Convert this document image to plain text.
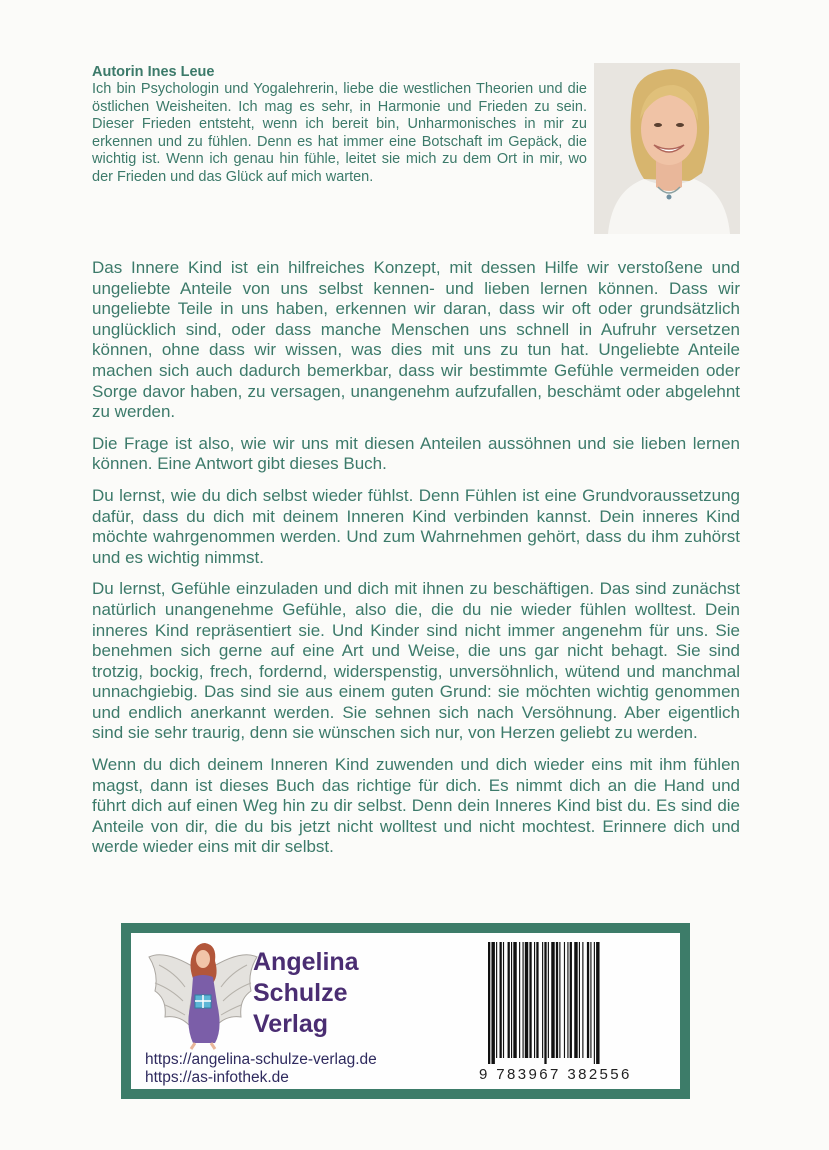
Autorin Ines Leue

Ich bin Psychologin und Yogalehrerin, liebe die westlichen Theorien und die östlichen Weisheiten. Ich mag es sehr, in Harmonie und Frieden zu sein. Dieser Frieden entsteht, wenn ich bereit bin, Unharmonisches in mir zu erkennen und zu fühlen. Denn es hat immer eine Botschaft im Gepäck, die wichtig ist. Wenn ich genau hin fühle, leitet sie mich zu dem Ort in mir, wo der Frieden und das Glück auf mich warten.

Das Innere Kind ist ein hilfreiches Konzept, mit dessen Hilfe wir verstoßene und ungeliebte Anteile von uns selbst kennen- und lieben lernen können. Dass wir ungeliebte Teile in uns haben, erkennen wir daran, dass wir oft oder grundsätzlich unglücklich sind, oder dass manche Menschen uns schnell in Aufruhr versetzen können, ohne dass wir wissen, was dies mit uns zu tun hat. Ungeliebte Anteile machen sich auch dadurch bemerkbar, dass wir bestimmte Gefühle vermeiden oder Sorge davor haben, zu versagen, unangenehm aufzufallen, beschämt oder abgelehnt zu werden.

Die Frage ist also, wie wir uns mit diesen Anteilen aussöhnen und sie lieben lernen können. Eine Antwort gibt dieses Buch.

Du lernst, wie du dich selbst wieder fühlst. Denn Fühlen ist eine Grundvoraussetzung dafür, dass du dich mit deinem Inneren Kind verbinden kannst. Dein inneres Kind möchte wahrgenommen werden. Und zum Wahrnehmen gehört, dass du ihm zuhörst und es wichtig nimmst.

Du lernst, Gefühle einzuladen und dich mit ihnen zu beschäftigen. Das sind zunächst natürlich unangenehme Gefühle, also die, die du nie wieder fühlen wolltest. Dein inneres Kind repräsentiert sie. Und Kinder sind nicht immer angenehm für uns. Sie benehmen sich gerne auf eine Art und Weise, die uns gar nicht behagt. Sie sind trotzig, bockig, frech, fordernd, widerspenstig, unversöhnlich, wütend und manchmal unnachgiebig. Das sind sie aus einem guten Grund: sie möchten wichtig genommen und endlich anerkannt werden. Sie sehnen sich nach Versöhnung. Aber eigentlich sind sie sehr traurig, denn sie wünschen sich nur, von Herzen geliebt zu werden.

Wenn du dich deinem Inneren Kind zuwenden und dich wieder eins mit ihm fühlen magst, dann ist dieses Buch das richtige für dich. Es nimmt dich an die Hand und führt dich auf einen Weg hin zu dir selbst. Denn dein Inneres Kind bist du. Es sind die Anteile von dir, die du bis jetzt nicht wolltest und nicht mochtest. Erinnere dich und werde wieder eins mit dir selbst.

Angelina
Schulze
Verlag
https://angelina-schulze-verlag.de
https://as-infothek.de	9 783967 382556
